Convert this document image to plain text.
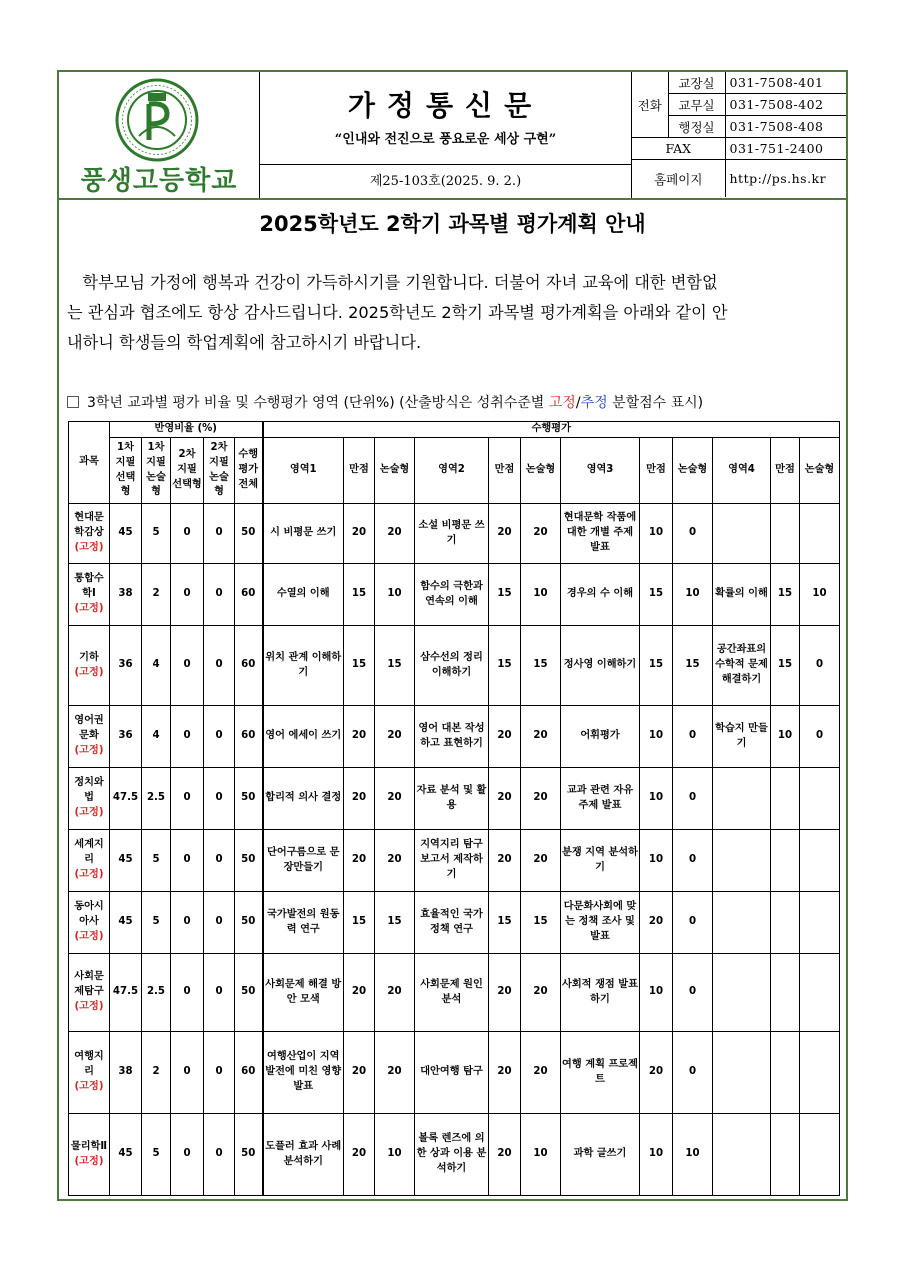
풍생고등학교
가정통신문
“인내와 전진으로 풍요로운 세상 구현”
제25-103호(2025. 9. 2.)
전화	교장실	031-7508-401
	교무실	031-7508-402
	행정실	031-7508-408
FAX		031-751-2400
홈페이지		http://ps.hs.kr
2025학년도 2학기 과목별 평가계획 안내
학부모님 가정에 행복과 건강이 가득하시기를 기원합니다. 더불어 자녀 교육에 대한 변함없
는 관심과 협조에도 항상 감사드립니다. 2025학년도 2학기 과목별 평가계획을 아래와 같이 안
내하니 학생들의 학업계획에 참고하시기 바랍니다.
3학년 교과별 평가 비율 및 수행평가 영역 (단위%) (산출방식은 성취수준별 고정/추정 분할점수 표시)
과목	반영비율 (%)					수행평가											
	1차 지필 선택형	1차 지필 논술형	2차 지필 선택형	2차 지필 논술형	수행 평가 전체	영역1	만점	논술형	영역2	만점	논술형	영역3	만점	논술형	영역4	만점	논술형

현대문학감상
(고정)	45	5	0	0	50	시 비평문 쓰기	20	20	소설 비평문 쓰기	20	20	현대문학 작품에 대한 개별 주제 발표	10	0			

통합수학Ⅰ
(고정)	38	2	0	0	60	수열의 이해	15	10	함수의 극한과 연속의 이해	15	10	경우의 수 이해	15	10	확률의 이해	15	10

기하
(고정)	36	4	0	0	60	위치 관계 이해하기	15	15	삼수선의 정리 이해하기	15	15	정사영 이해하기	15	15	공간좌표의 수학적 문제 해결하기	15	0

영어권문화
(고정)	36	4	0	0	60	영어 에세이 쓰기	20	20	영어 대본 작성하고 표현하기	20	20	어휘평가	10	0	학습지 만들기	10	0

정치와법
(고정)	47.5	2.5	0	0	50	합리적 의사 결정	20	20	자료 분석 및 활용	20	20	교과 관련 자유 주제 발표	10	0			

세계지리
(고정)	45	5	0	0	50	단어구름으로 문장만들기	20	20	지역지리 탐구보고서 제작하기	20	20	분쟁 지역 분석하기	10	0			

동아시아사
(고정)	45	5	0	0	50	국가발전의 원동력 연구	15	15	효율적인 국가정책 연구	15	15	다문화사회에 맞는 정책 조사 및 발표	20	0			

사회문제탐구
(고정)	47.5	2.5	0	0	50	사회문제 해결 방안 모색	20	20	사회문제 원인 분석	20	20	사회적 쟁점 발표하기	10	0			

여행지리
(고정)	38	2	0	0	60	여행산업이 지역발전에 미친 영향 발표	20	20	대안여행 탐구	20	20	여행 계획 프로젝트	20	0			

물리학Ⅱ
(고정)	45	5	0	0	50	도플러 효과 사례 분석하기	20	10	볼록 렌즈에 의한 상과 이용 분석하기	20	10	과학 글쓰기	10	10			
